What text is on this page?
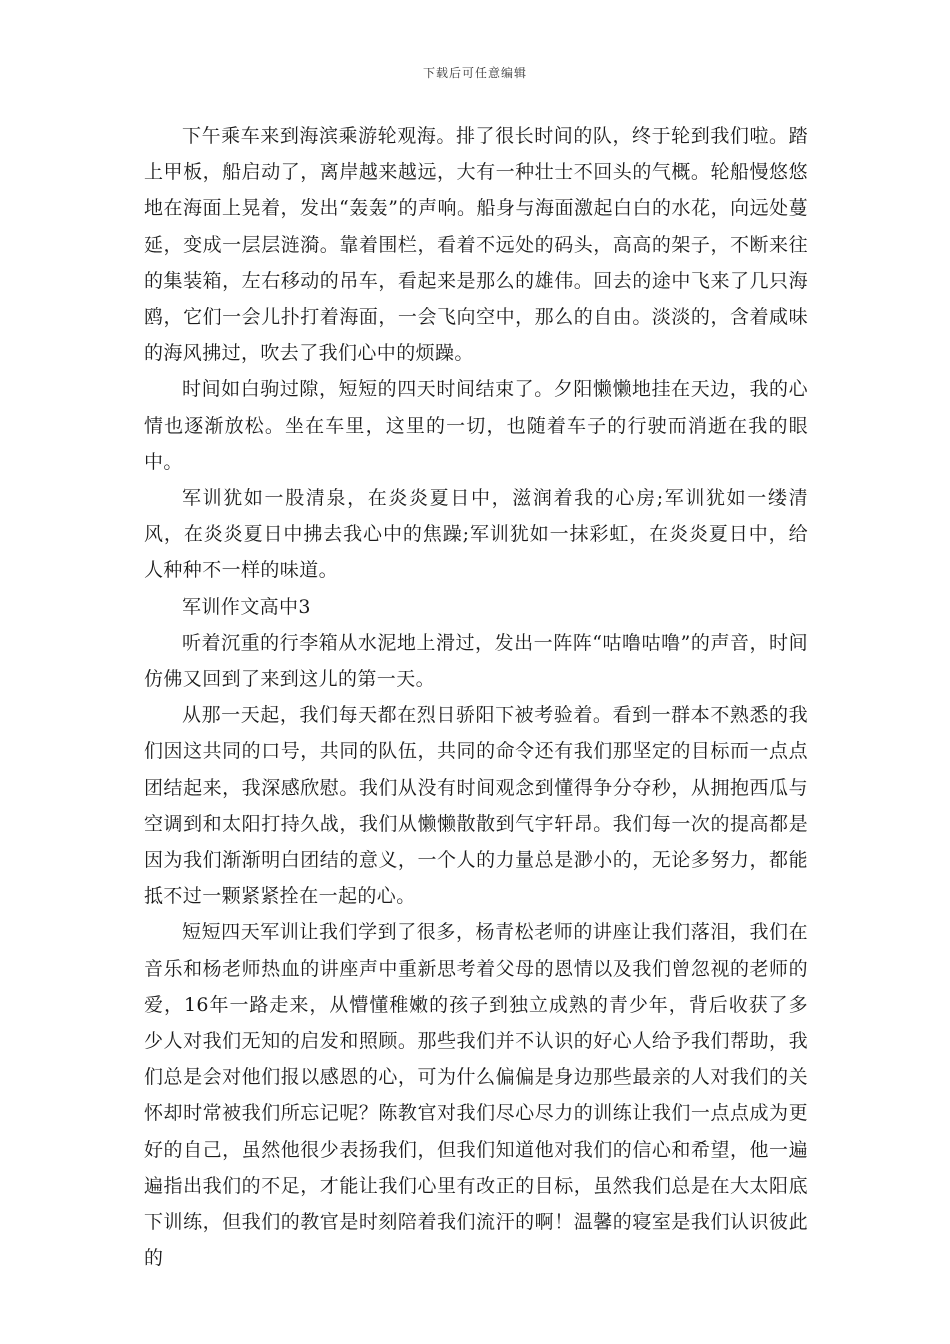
下载后可任意编辑

下午乘车来到海滨乘游轮观海。排了很长时间的队，终于轮到我们啦。踏上甲板，船启动了，离岸越来越远，大有一种壮士不回头的气概。轮船慢悠悠地在海面上晃着，发出“轰轰”的声响。船身与海面激起白白的水花，向远处蔓延，变成一层层涟漪。靠着围栏，看着不远处的码头，高高的架子，不断来往的集装箱，左右移动的吊车，看起来是那么的雄伟。回去的途中飞来了几只海鸥，它们一会儿扑打着海面，一会飞向空中，那么的自由。淡淡的，含着咸味的海风拂过，吹去了我们心中的烦躁。

时间如白驹过隙，短短的四天时间结束了。夕阳懒懒地挂在天边，我的心情也逐渐放松。坐在车里，这里的一切，也随着车子的行驶而消逝在我的眼中。

军训犹如一股清泉，在炎炎夏日中，滋润着我的心房;军训犹如一缕清风，在炎炎夏日中拂去我心中的焦躁;军训犹如一抹彩虹，在炎炎夏日中，给人种种不一样的味道。

军训作文高中3

听着沉重的行李箱从水泥地上滑过，发出一阵阵“咕噜咕噜”的声音，时间仿佛又回到了来到这儿的第一天。

从那一天起，我们每天都在烈日骄阳下被考验着。看到一群本不熟悉的我们因这共同的口号，共同的队伍，共同的命令还有我们那坚定的目标而一点点团结起来，我深感欣慰。我们从没有时间观念到懂得争分夺秒，从拥抱西瓜与空调到和太阳打持久战，我们从懒懒散散到气宇轩昂。我们每一次的提高都是因为我们渐渐明白团结的意义，一个人的力量总是渺小的，无论多努力，都能抵不过一颗紧紧拴在一起的心。

短短四天军训让我们学到了很多，杨青松老师的讲座让我们落泪，我们在音乐和杨老师热血的讲座声中重新思考着父母的恩情以及我们曾忽视的老师的爱，16年一路走来，从懵懂稚嫩的孩子到独立成熟的青少年，背后收获了多少人对我们无知的启发和照顾。那些我们并不认识的好心人给予我们帮助，我们总是会对他们报以感恩的心，可为什么偏偏是身边那些最亲的人对我们的关怀却时常被我们所忘记呢？陈教官对我们尽心尽力的训练让我们一点点成为更好的自己，虽然他很少表扬我们，但我们知道他对我们的信心和希望，他一遍遍指出我们的不足，才能让我们心里有改正的目标，虽然我们总是在大太阳底下训练，但我们的教官是时刻陪着我们流汗的啊！温馨的寝室是我们认识彼此的
